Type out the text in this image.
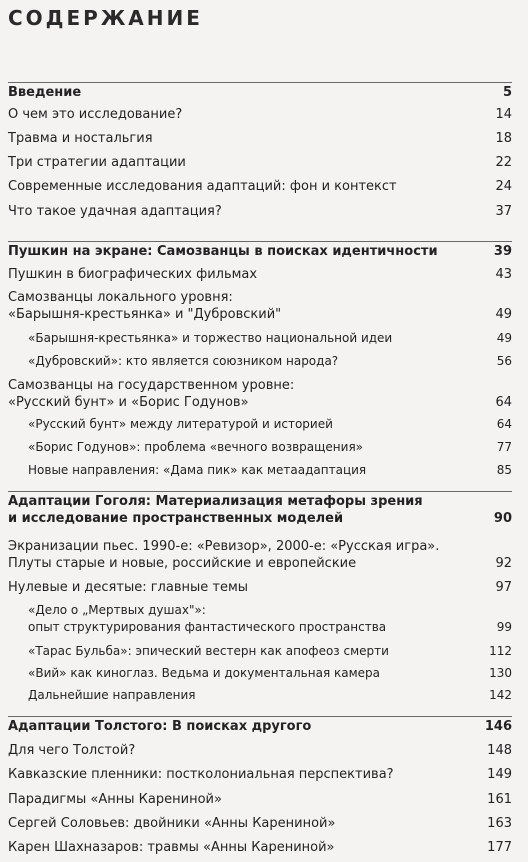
СОДЕРЖАНИЕ
Введение	5
О чем это исследование?	14
Травма и ностальгия	18
Три стратегии адаптации	22
Современные исследования адаптаций: фон и контекст	24
Что такое удачная адаптация?	37
Пушкин на экране: Самозванцы в поисках идентичности	39
Пушкин в биографических фильмах	43
Самозванцы локального уровня:
«Барышня-крестьянка» и "Дубровский"	49
«Барышня-крестьянка» и торжество национальной идеи	49
«Дубровский»: кто является союзником народа?	56
Самозванцы на государственном уровне:
«Русский бунт» и «Борис Годунов»	64
«Русский бунт» между литературой и историей	64
«Борис Годунов»: проблема «вечного возвращения»	77
Новые направления: «Дама пик» как метаадаптация	85
Адаптации Гоголя: Материализация метафоры зрения
и исследование пространственных моделей	90
Экранизации пьес. 1990-е: «Ревизор», 2000-е: «Русская игра».
Плуты старые и новые, российские и европейские	92
Нулевые и десятые: главные темы	97
«Дело о „Мертвых душах"»:
опыт структурирования фантастического пространства	99
«Тарас Бульба»: эпический вестерн как апофеоз смерти	112
«Вий» как киноглаз. Ведьма и документальная камера	130
Дальнейшие направления	142
Адаптации Толстого: В поисках другого	146
Для чего Толстой?	148
Кавказские пленники: постколониальная перспектива?	149
Парадигмы «Анны Карениной»	161
Сергей Соловьев: двойники «Анны Карениной»	163
Карен Шахназаров: травмы «Анны Карениной»	177
